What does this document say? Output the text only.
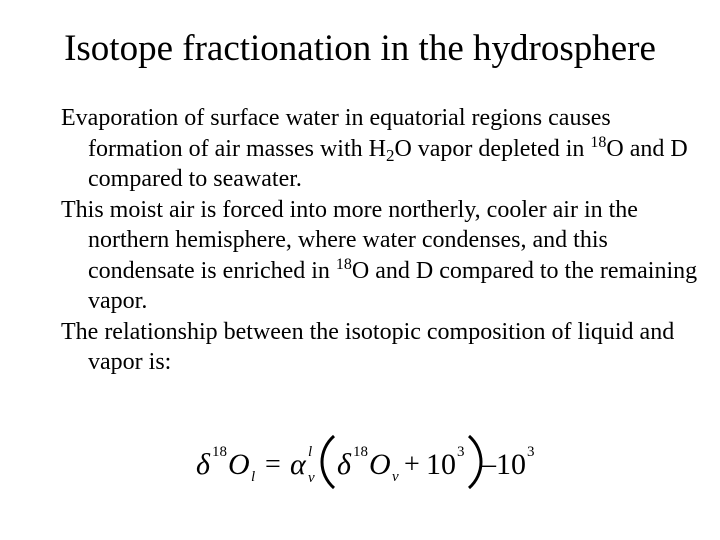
Isotope fractionation in the hydrosphere

Evaporation of surface water in equatorial regions causes formation of air masses with $H_2O$ vapor depleted in $^{18}$O and D compared to seawater.

This moist air is forced into more northerly, cooler air in the northern hemisphere, where water condenses, and this condensate is enriched in $^{18}$O and D compared to the remaining vapor.

The relationship between the isotopic composition of liquid and vapor is:

δ 18 O l = α l
v δ 18 O v + 10 3 – 10 3
